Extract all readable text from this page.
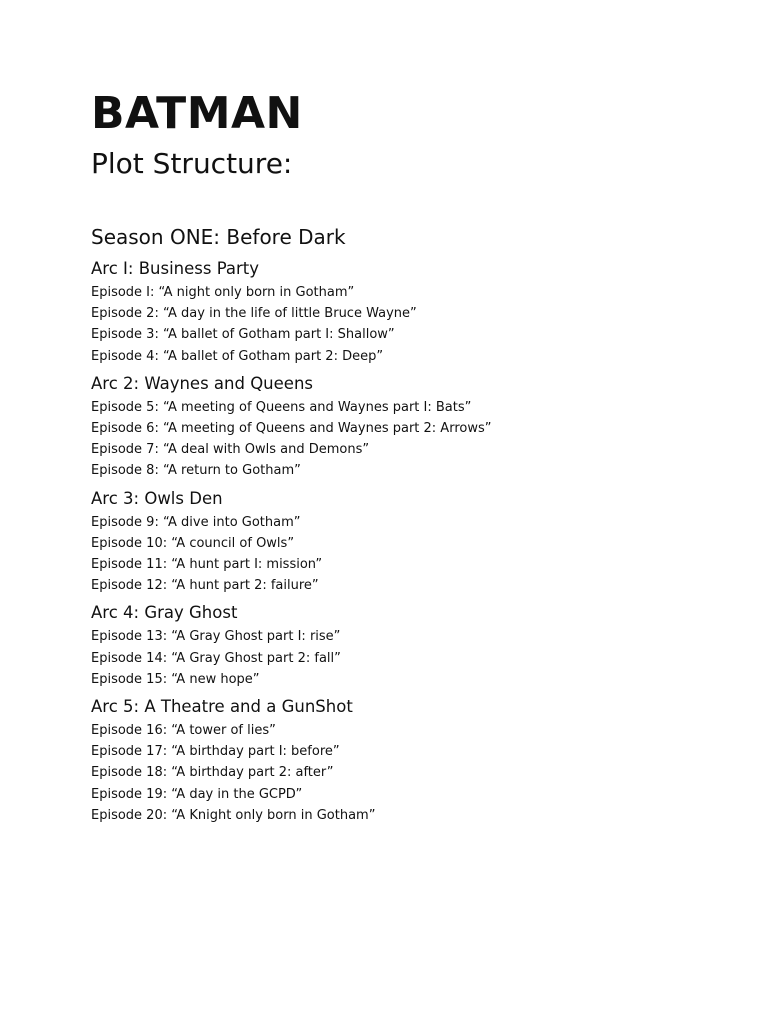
BATMAN
Plot Structure:
Season ONE: Before Dark
Arc I: Business Party
Episode I: “A night only born in Gotham”
Episode 2: “A day in the life of little Bruce Wayne”
Episode 3: “A ballet of Gotham part I: Shallow”
Episode 4: “A ballet of Gotham part 2: Deep”
Arc 2: Waynes and Queens
Episode 5: “A meeting of Queens and Waynes part I: Bats”
Episode 6: “A meeting of Queens and Waynes part 2: Arrows”
Episode 7: “A deal with Owls and Demons”
Episode 8: “A return to Gotham”
Arc 3: Owls Den
Episode 9: “A dive into Gotham”
Episode 10: “A council of Owls”
Episode 11: “A hunt part I: mission”
Episode 12: “A hunt part 2: failure”
Arc 4: Gray Ghost
Episode 13: “A Gray Ghost part I: rise”
Episode 14: “A Gray Ghost part 2: fall”
Episode 15: “A new hope”
Arc 5: A Theatre and a GunShot
Episode 16: “A tower of lies”
Episode 17: “A birthday part I: before”
Episode 18: “A birthday part 2: after”
Episode 19: “A day in the GCPD”
Episode 20: “A Knight only born in Gotham”
